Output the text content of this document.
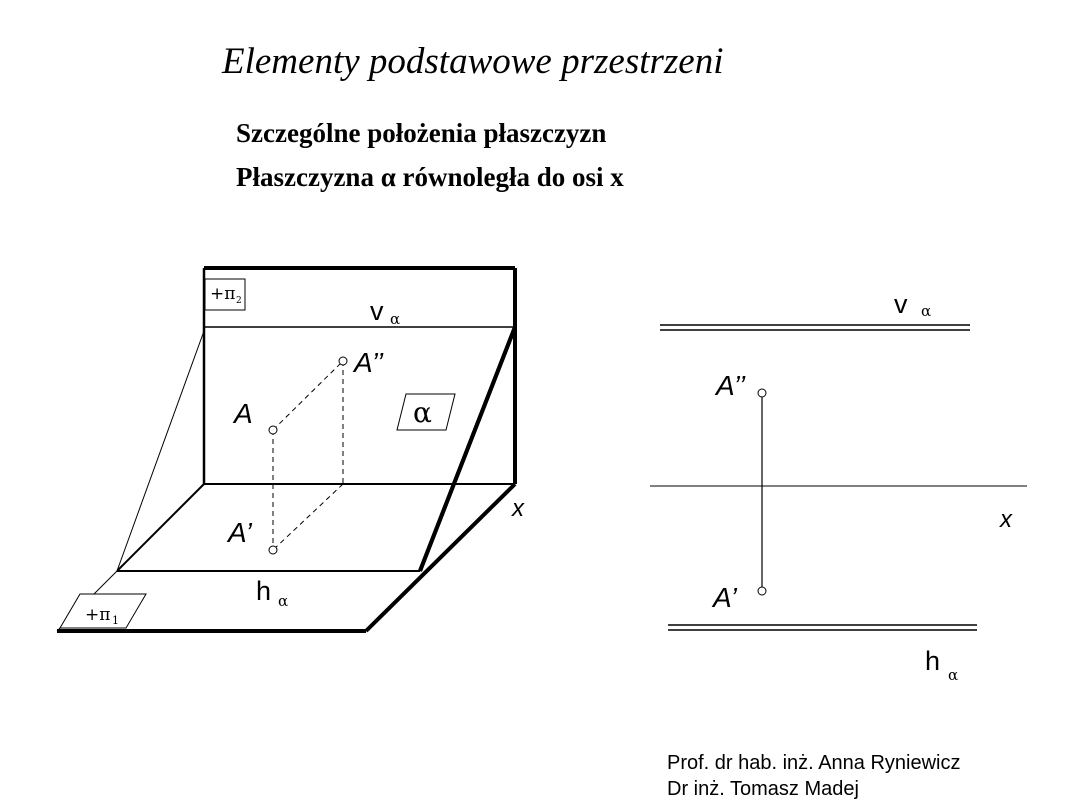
Elementy podstawowe przestrzeni
Szczególne położenia płaszczyzn
Płaszczyzna α równoległa do osi x
+π 2
+π 1
v α
h α
α
A
A’’
A’
x
v α
h α
A’’
A’
x
Prof. dr hab. inż. Anna Ryniewicz
Dr inż. Tomasz Madej
